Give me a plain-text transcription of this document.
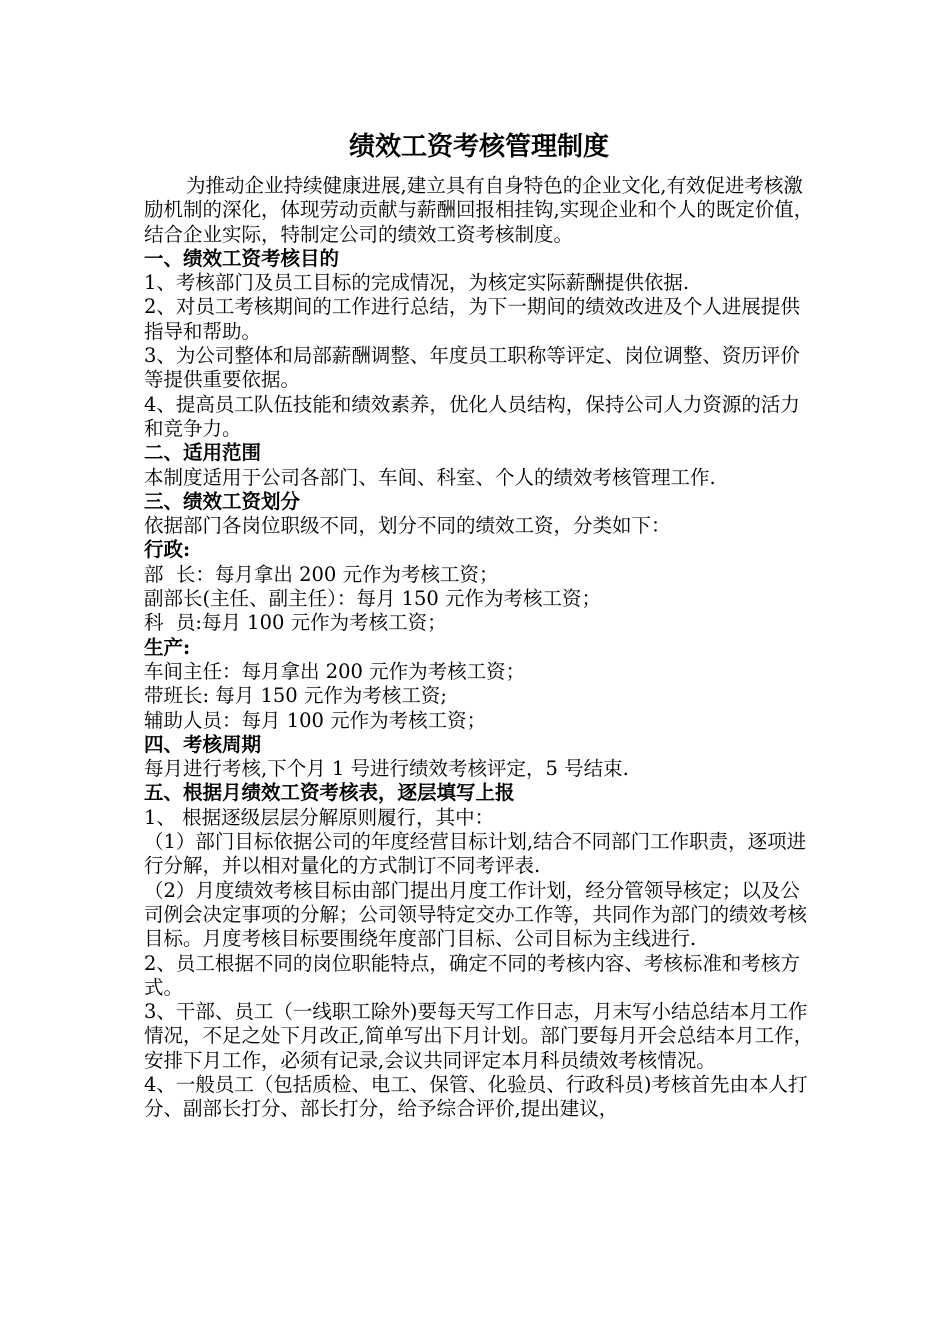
绩效工资考核管理制度

为推动企业持续健康进展,建立具有自身特色的企业文化,有效促进考核激励机制的深化，体现劳动贡献与薪酬回报相挂钩,实现企业和个人的既定价值，结合企业实际，特制定公司的绩效工资考核制度。

一、绩效工资考核目的

1、考核部门及员工目标的完成情况，为核定实际薪酬提供依据.

2、对员工考核期间的工作进行总结，为下一期间的绩效改进及个人进展提供指导和帮助。

3、为公司整体和局部薪酬调整、年度员工职称等评定、岗位调整、资历评价等提供重要依据。

4、提高员工队伍技能和绩效素养，优化人员结构，保持公司人力资源的活力和竞争力。

二、适用范围

本制度适用于公司各部门、车间、科室、个人的绩效考核管理工作.

三、绩效工资划分

依据部门各岗位职级不同，划分不同的绩效工资，分类如下：

行政:

部  长：每月拿出 200 元作为考核工资；

副部长(主任、副主任）：每月 150 元作为考核工资；

科  员:每月 100 元作为考核工资；

生产:

车间主任：每月拿出 200 元作为考核工资；

带班长: 每月 150 元作为考核工资;

辅助人员：每月 100 元作为考核工资；

四、考核周期

每月进行考核,下个月 1 号进行绩效考核评定，5 号结束.

五、根据月绩效工资考核表，逐层填写上报

1、 根据逐级层层分解原则履行，其中：

（1）部门目标依据公司的年度经营目标计划,结合不同部门工作职责，逐项进行分解，并以相对量化的方式制订不同考评表.

（2）月度绩效考核目标由部门提出月度工作计划，经分管领导核定；以及公司例会决定事项的分解；公司领导特定交办工作等，共同作为部门的绩效考核目标。月度考核目标要围绕年度部门目标、公司目标为主线进行.

2、员工根据不同的岗位职能特点，确定不同的考核内容、考核标准和考核方式。

3、干部、员工（一线职工除外)要每天写工作日志，月末写小结总结本月工作情况，不足之处下月改正,简单写出下月计划。部门要每月开会总结本月工作，安排下月工作，必须有记录,会议共同评定本月科员绩效考核情况。

4、一般员工（包括质检、电工、保管、化验员、行政科员)考核首先由本人打分、副部长打分、部长打分，给予综合评价,提出建议，
